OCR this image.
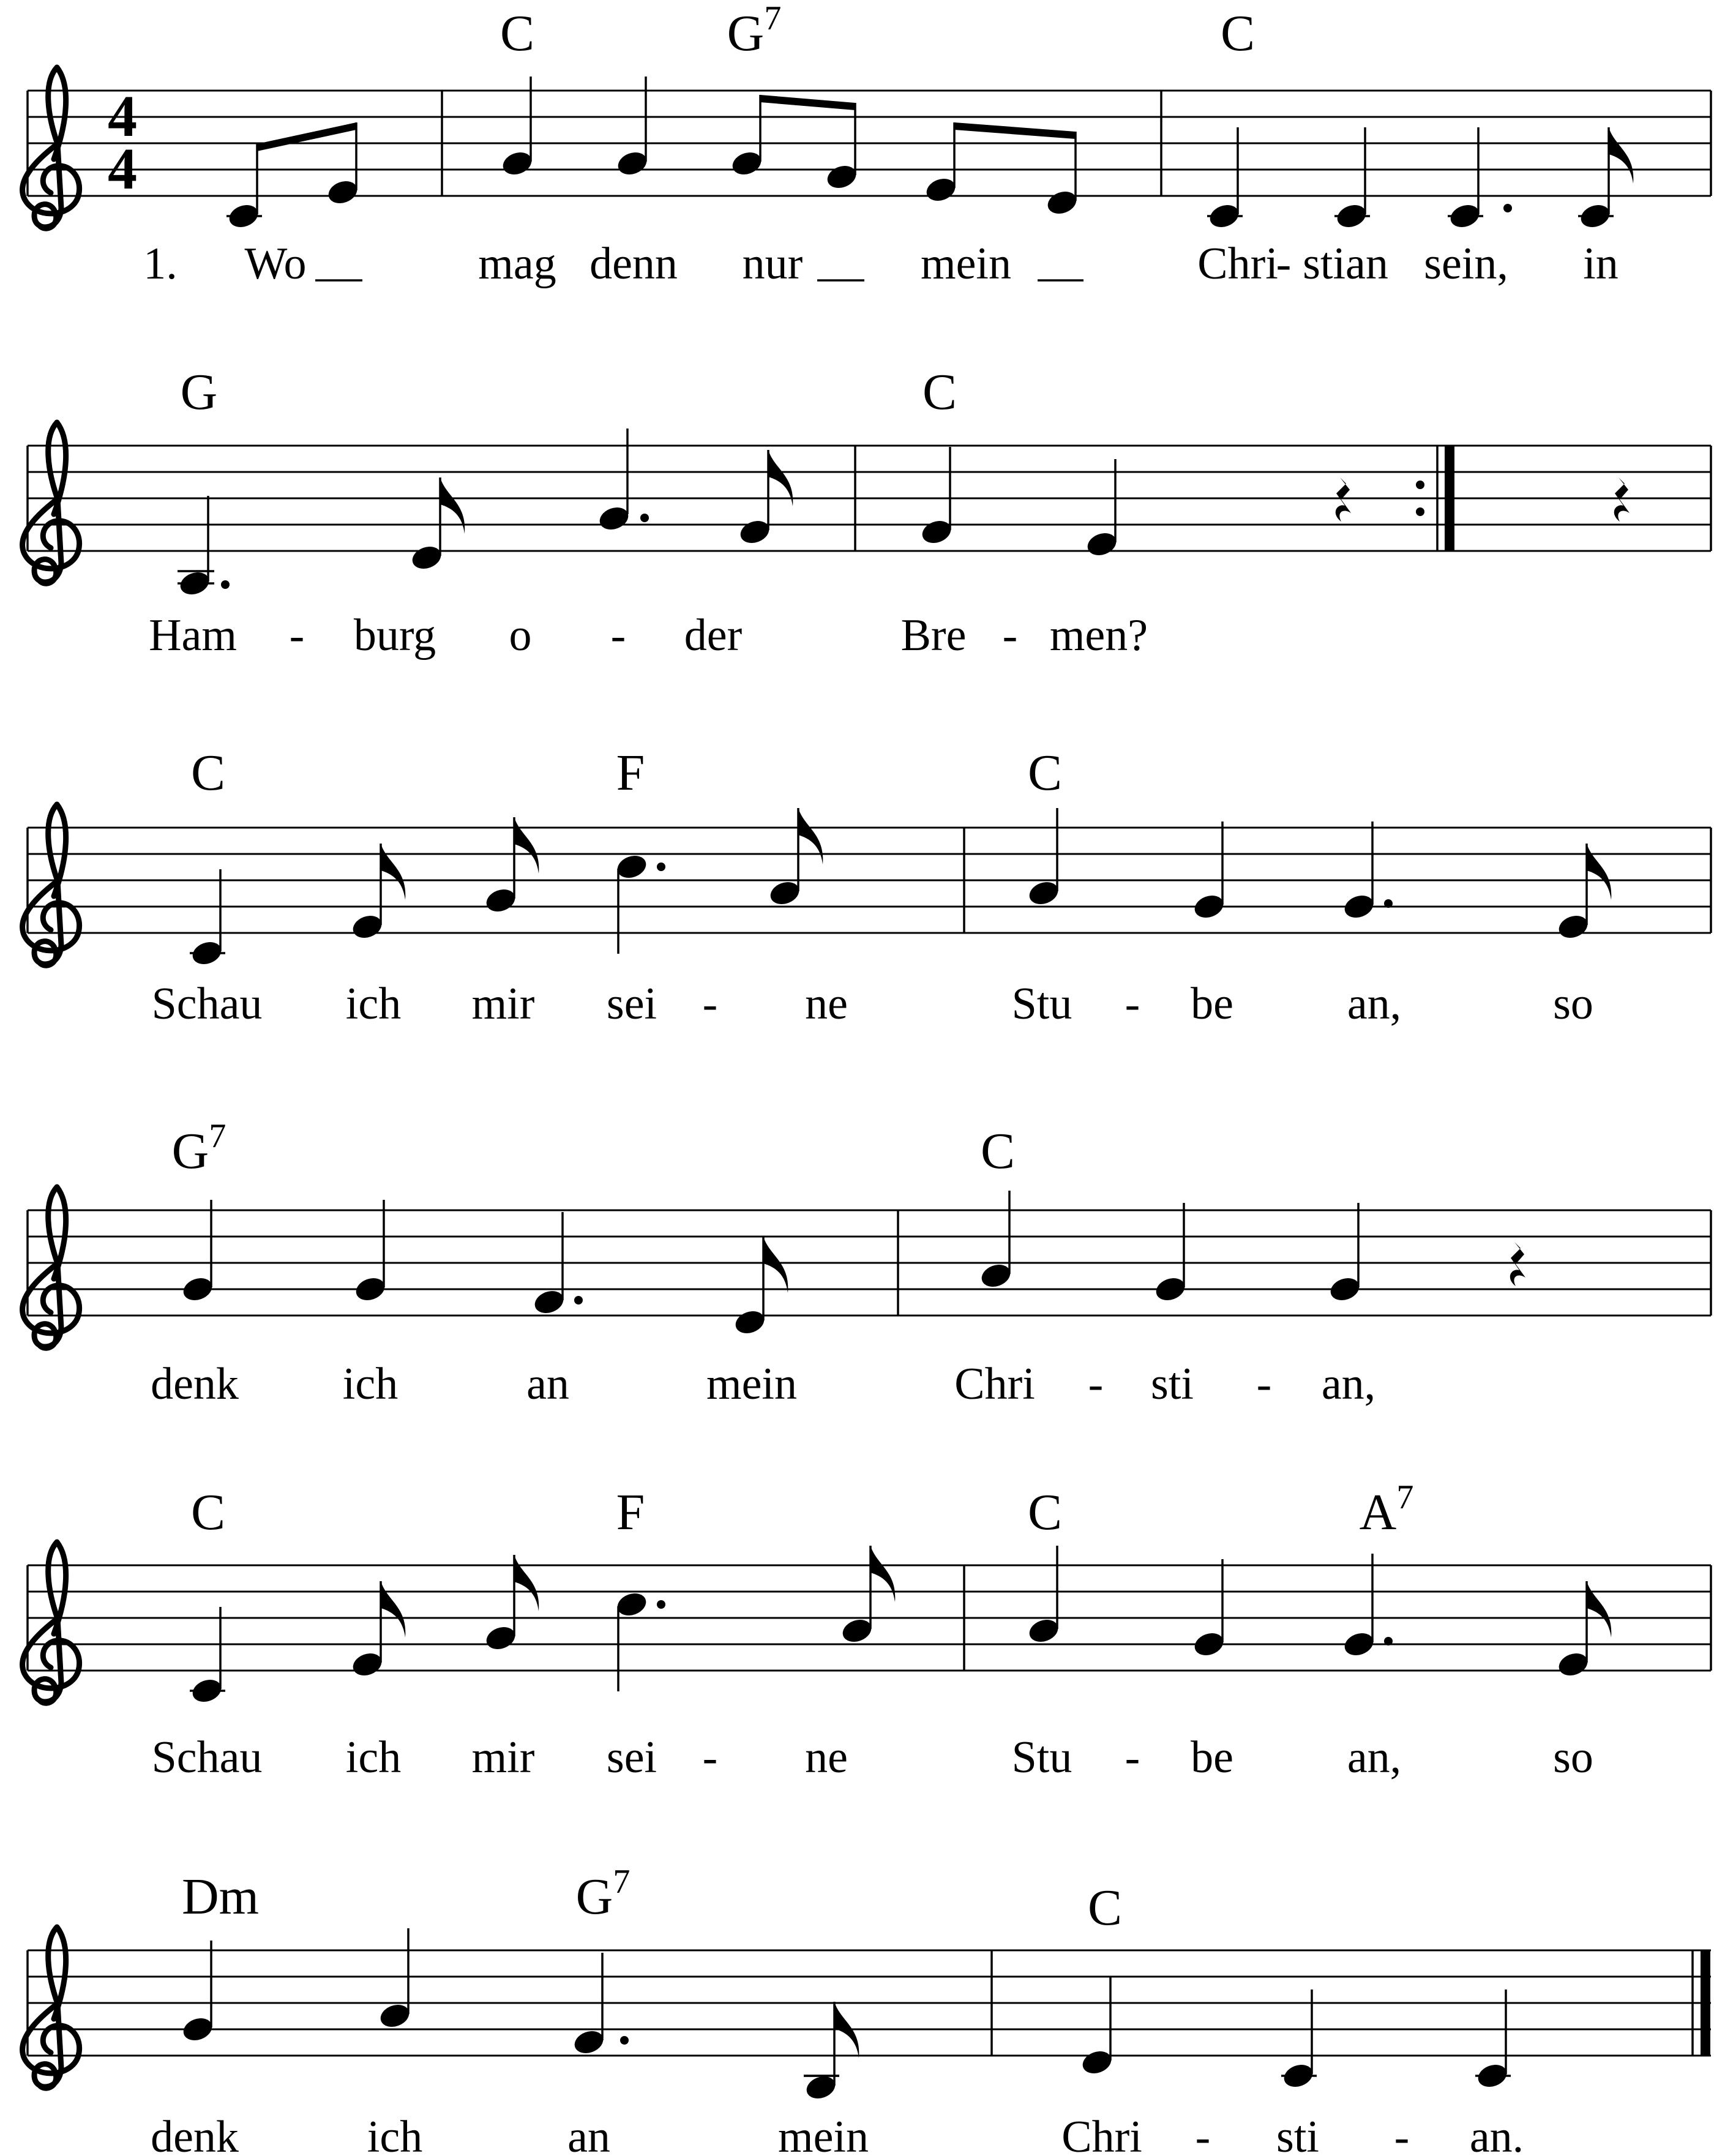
4
4
C	$G^7$	C
1. Wo	mag denn nur	mein	Chri
- stian sein, in
G	C
Ham - burg o - der	Bre - men?
C	F	C
Schau ich mir sei - ne	Stu - be	an,	so
$G^7$	C
denk ich	an	mein	Chri - sti - an,
C	F	C	$A^7$
Schau ich mir sei - ne	Stu - be	an,	so
Dm	$G^7$	C
denk	ich	an	mein	Chri - sti - an.
